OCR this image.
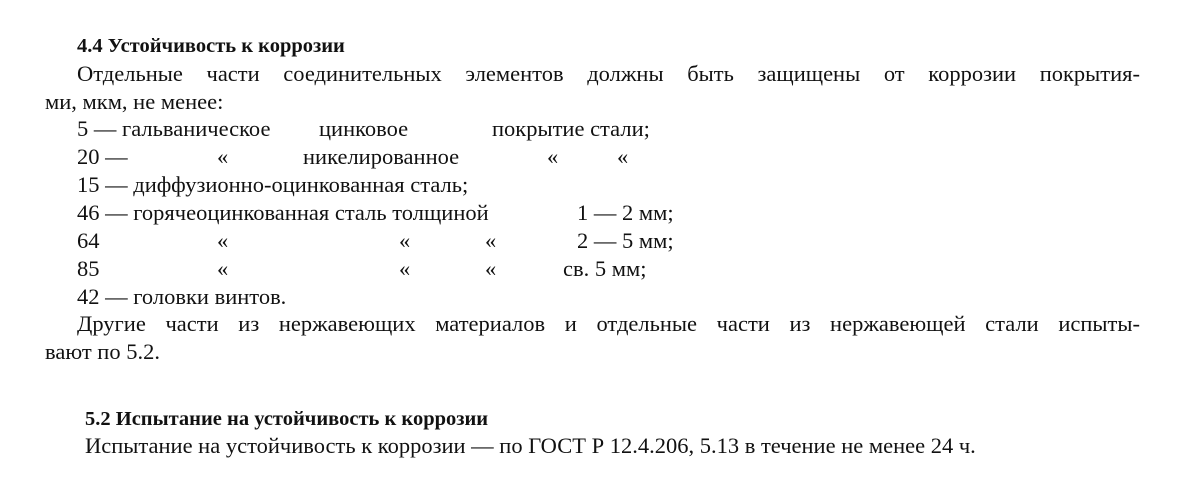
4.4 Устойчивость к коррозии
Отдельные части соединительных элементов должны быть защищены от коррозии покрытия-
ми, мкм, не менее:
5 — гальваническое цинковое	покрытие стали;
20 —	«	никелированное	«	«
15 — диффузионно-оцинкованная сталь;
46 — горячеоцинкованная сталь толщиной	1 — 2 мм;
64	«	«	«	2 — 5 мм;
85	«	«	«	св. 5 мм;
42 — головки винтов.
Другие части из нержавеющих материалов и отдельные части из нержавеющей стали испыты-
вают по 5.2.
5.2 Испытание на устойчивость к коррозии
Испытание на устойчивость к коррозии — по ГОСТ Р 12.4.206, 5.13 в течение не менее 24 ч.
